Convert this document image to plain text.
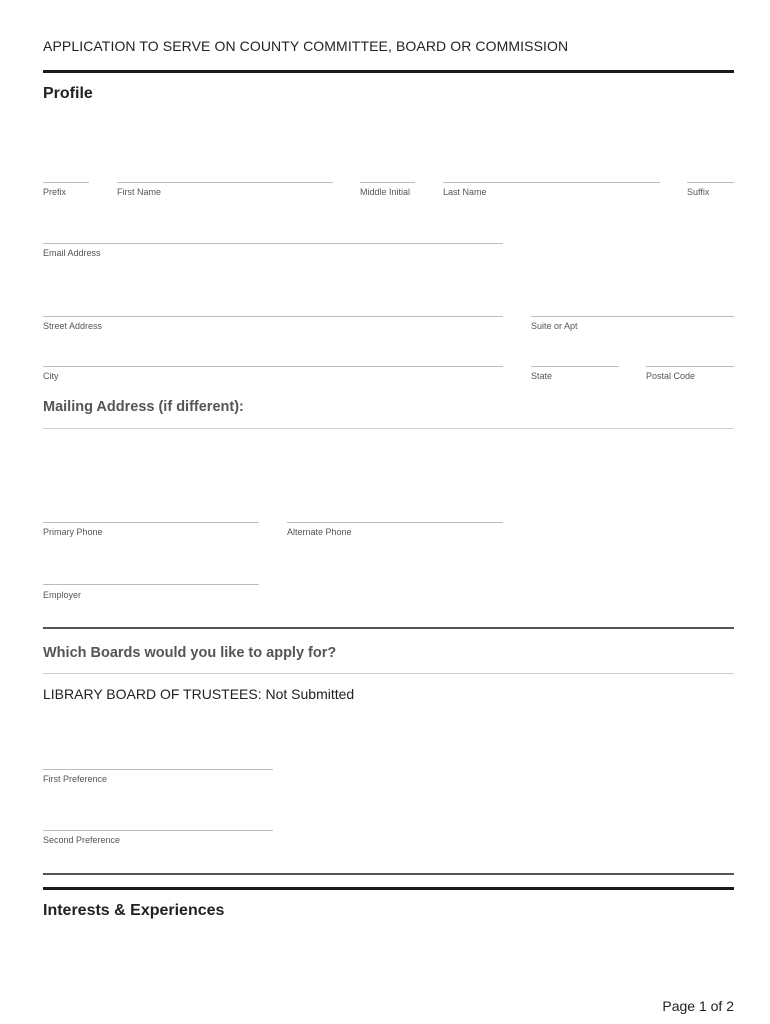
APPLICATION TO SERVE ON COUNTY COMMITTEE, BOARD OR COMMISSION
Profile
Prefix	First Name	Middle Initial	Last Name	Suffix
Email Address
Street Address	Suite or Apt
City	State	Postal Code
Mailing Address (if different):
Primary Phone	Alternate Phone
Employer
Which Boards would you like to apply for?
LIBRARY BOARD OF TRUSTEES: Not Submitted
First Preference
Second Preference
Interests & Experiences
Page 1 of 2
